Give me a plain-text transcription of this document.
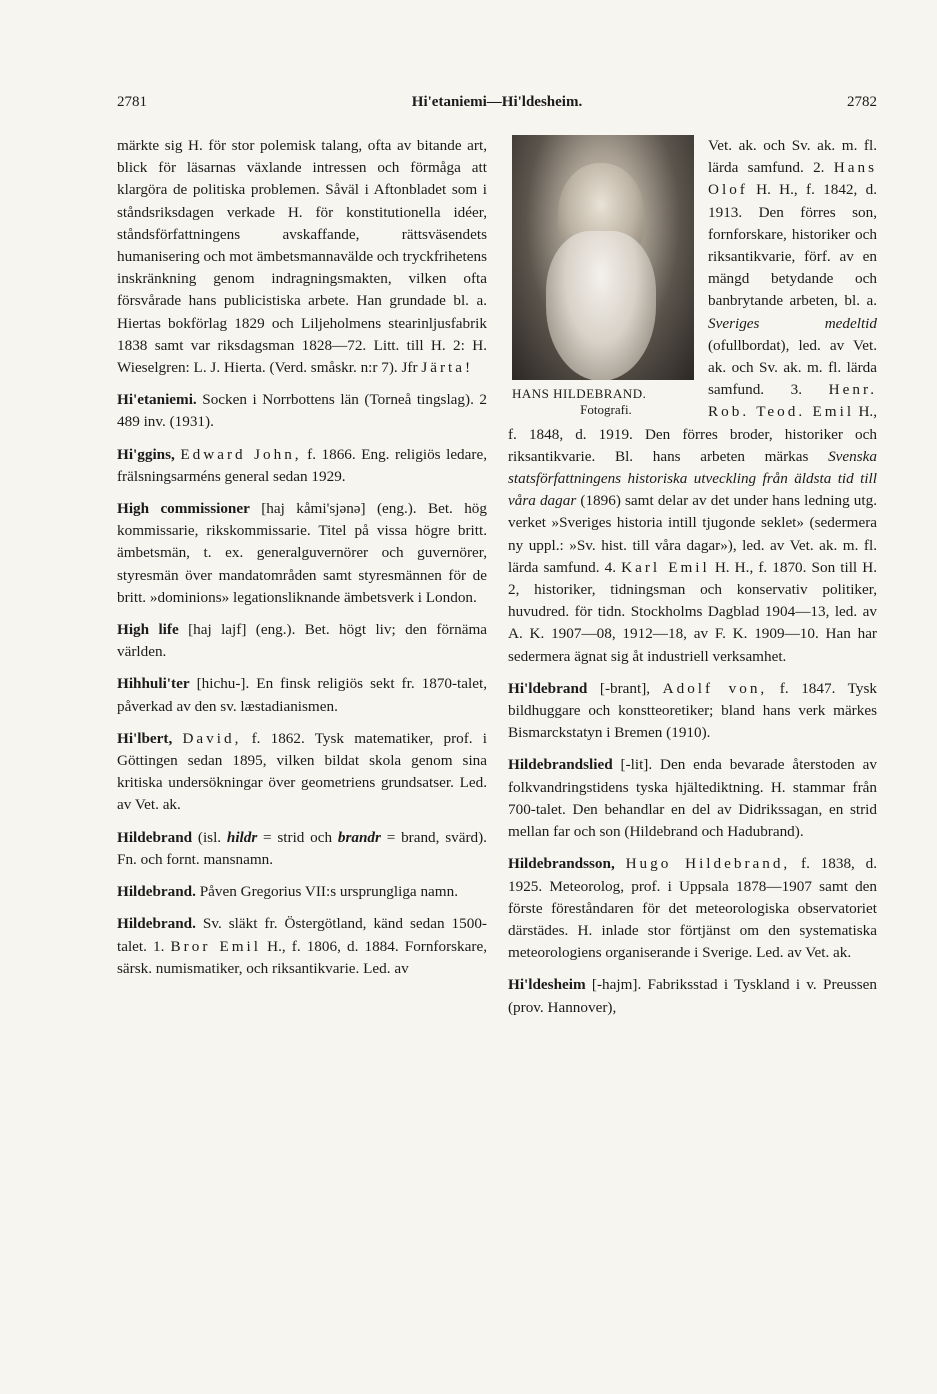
2781	Hi'etaniemi—Hi'ldesheim.	2782

märkte sig H. för stor polemisk talang, ofta av bitande art, blick för läsarnas växlande intressen och förmåga att klargöra de politiska problemen. Såväl i Aftonbladet som i ståndsriksdagen verkade H. för konstitutionella idéer, ståndsförfattningens avskaffande, rättsväsendets humanisering och mot ämbetsmannavälde och tryckfrihetens inskränkning genom indragningsmakten, vilken ofta försvårade hans publicistiska arbete. Han grundade bl. a. Hiertas bokförlag 1829 och Liljeholmens stearinljusfabrik 1838 samt var riksdagsman 1828—72. Litt. till H. 2: H. Wieselgren: L. J. Hierta. (Verd. småskr. n:r 7). Jfr Järta!

Hi'etaniemi. Socken i Norrbottens län (Torneå tingslag). 2 489 inv. (1931).

Hi'ggins, Edward John, f. 1866. Eng. religiös ledare, frälsningsarméns general sedan 1929.

High commissioner [haj kåmi'sjənə] (eng.). Bet. hög kommissarie, rikskommissarie. Titel på vissa högre britt. ämbetsmän, t. ex. generalguvernörer och guvernörer, styresmän över mandatområden samt styresmännen för de britt. »dominions» legationsliknande ämbetsverk i London.

High life [haj lajf] (eng.). Bet. högt liv; den förnäma världen.

Hihhuli'ter [hichu-]. En finsk religiös sekt fr. 1870-talet, påverkad av den sv. læstadianismen.

Hi'lbert, David, f. 1862. Tysk matematiker, prof. i Göttingen sedan 1895, vilken bildat skola genom sina kritiska undersökningar över geometriens grundsatser. Led. av Vet. ak.

Hildebrand (isl. hildr = strid och brandr = brand, svärd). Fn. och fornt. mansnamn.

Hildebrand. Påven Gregorius VII:s ursprungliga namn.

Hildebrand. Sv. släkt fr. Östergötland, känd sedan 1500-talet. 1. Bror Emil H., f. 1806, d. 1884. Fornforskare, särsk. numismatiker, och riksantikvarie. Led. av

HANS HILDEBRAND.
Fotografi.

Vet. ak. och Sv. ak. m. fl. lärda samfund. 2. Hans Olof H. H., f. 1842, d. 1913. Den förres son, fornforskare, historiker och riksantikvarie, förf. av en mängd betydande och banbrytande arbeten, bl. a. Sveriges medeltid (ofullbordat), led. av Vet. ak. och Sv. ak. m. fl. lärda samfund. 3. Henr. Rob. Teod. Emil H., f. 1848, d. 1919. Den förres broder, historiker och riksantikvarie. Bl. hans arbeten märkas Svenska statsförfattningens historiska utveckling från äldsta tid till våra dagar (1896) samt delar av det under hans ledning utg. verket »Sveriges historia intill tjugonde seklet» (sedermera ny uppl.: »Sv. hist. till våra dagar»), led. av Vet. ak. m. fl. lärda samfund. 4. Karl Emil H. H., f. 1870. Son till H. 2, historiker, tidningsman och konservativ politiker, huvudred. för tidn. Stockholms Dagblad 1904—13, led. av A. K. 1907—08, 1912—18, av F. K. 1909—10. Han har sedermera ägnat sig åt industriell verksamhet.

Hi'ldebrand [-brant], Adolf von, f. 1847. Tysk bildhuggare och konstteoretiker; bland hans verk märkes Bismarckstatyn i Bremen (1910).

Hildebrandslied [-lit]. Den enda bevarade återstoden av folkvandringstidens tyska hjältediktning. H. stammar från 700-talet. Den behandlar en del av Didrikssagan, en strid mellan far och son (Hildebrand och Hadubrand).

Hildebrandsson, Hugo Hildebrand, f. 1838, d. 1925. Meteorolog, prof. i Uppsala 1878—1907 samt den förste föreståndaren för det meteorologiska observatoriet därstädes. H. inlade stor förtjänst om den systematiska meteorologiens organiserande i Sverige. Led. av Vet. ak.

Hi'ldesheim [-hajm]. Fabriksstad i Tyskland i v. Preussen (prov. Hannover),
